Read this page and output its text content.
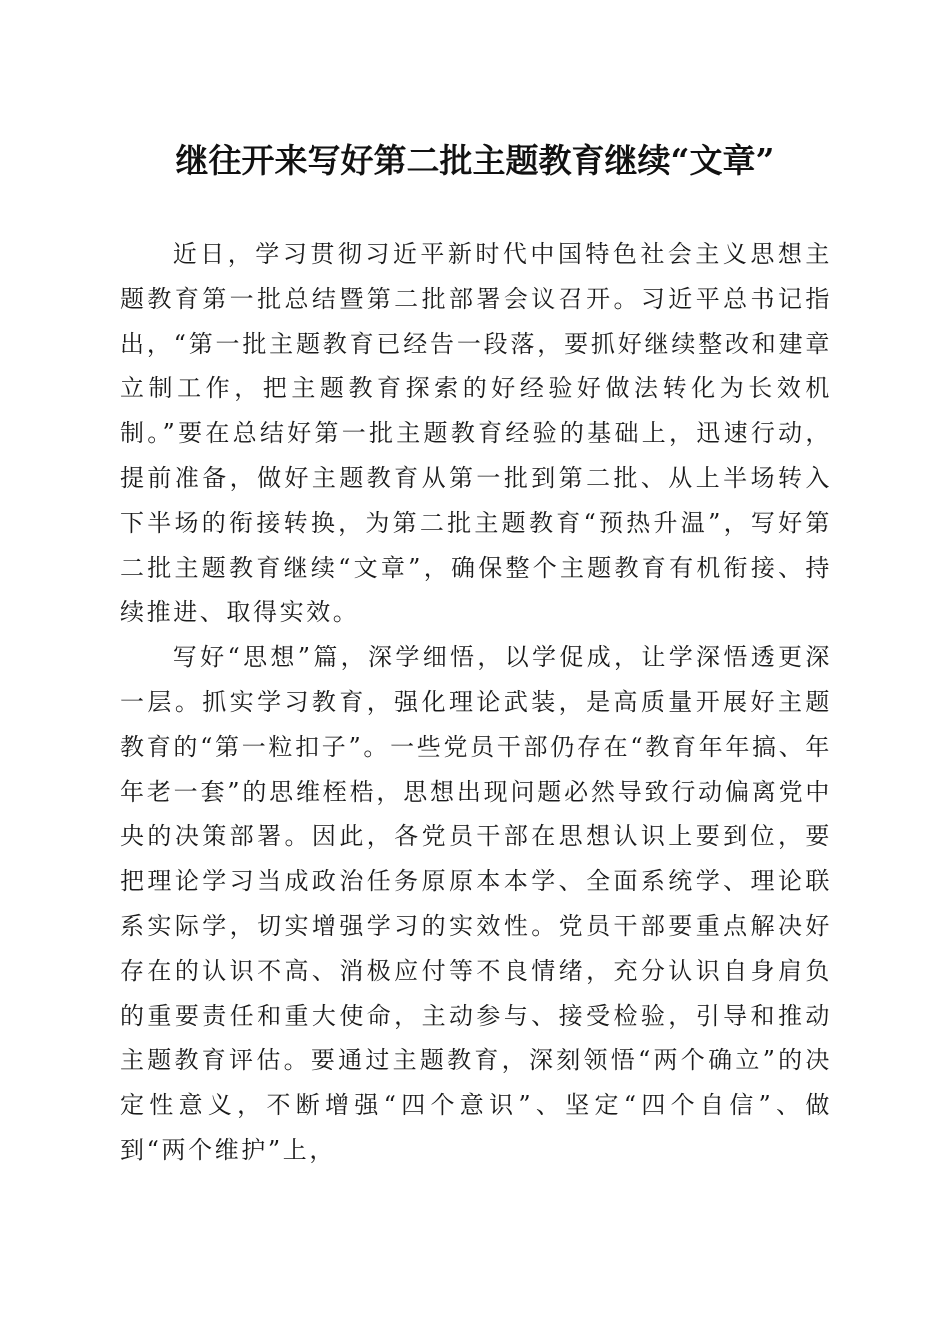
继往开来写好第二批主题教育继续“文章”

近日，学习贯彻习近平新时代中国特色社会主义思想主题教育第一批总结暨第二批部署会议召开。习近平总书记指出，“第一批主题教育已经告一段落，要抓好继续整改和建章立制工作，把主题教育探索的好经验好做法转化为长效机制。”要在总结好第一批主题教育经验的基础上，迅速行动，提前准备，做好主题教育从第一批到第二批、从上半场转入下半场的衔接转换，为第二批主题教育“预热升温”，写好第二批主题教育继续“文章”，确保整个主题教育有机衔接、持续推进、取得实效。

写好“思想”篇，深学细悟，以学促成，让学深悟透更深一层。抓实学习教育，强化理论武装，是高质量开展好主题教育的“第一粒扣子”。一些党员干部仍存在“教育年年搞、年年老一套”的思维桎梏，思想出现问题必然导致行动偏离党中央的决策部署。因此，各党员干部在思想认识上要到位，要把理论学习当成政治任务原原本本学、全面系统学、理论联系实际学，切实增强学习的实效性。党员干部要重点解决好存在的认识不高、消极应付等不良情绪，充分认识自身肩负的重要责任和重大使命，主动参与、接受检验，引导和推动主题教育评估。要通过主题教育，深刻领悟“两个确立”的决定性意义，不断增强“四个意识”、坚定“四个自信”、做到“两个维护”上，
